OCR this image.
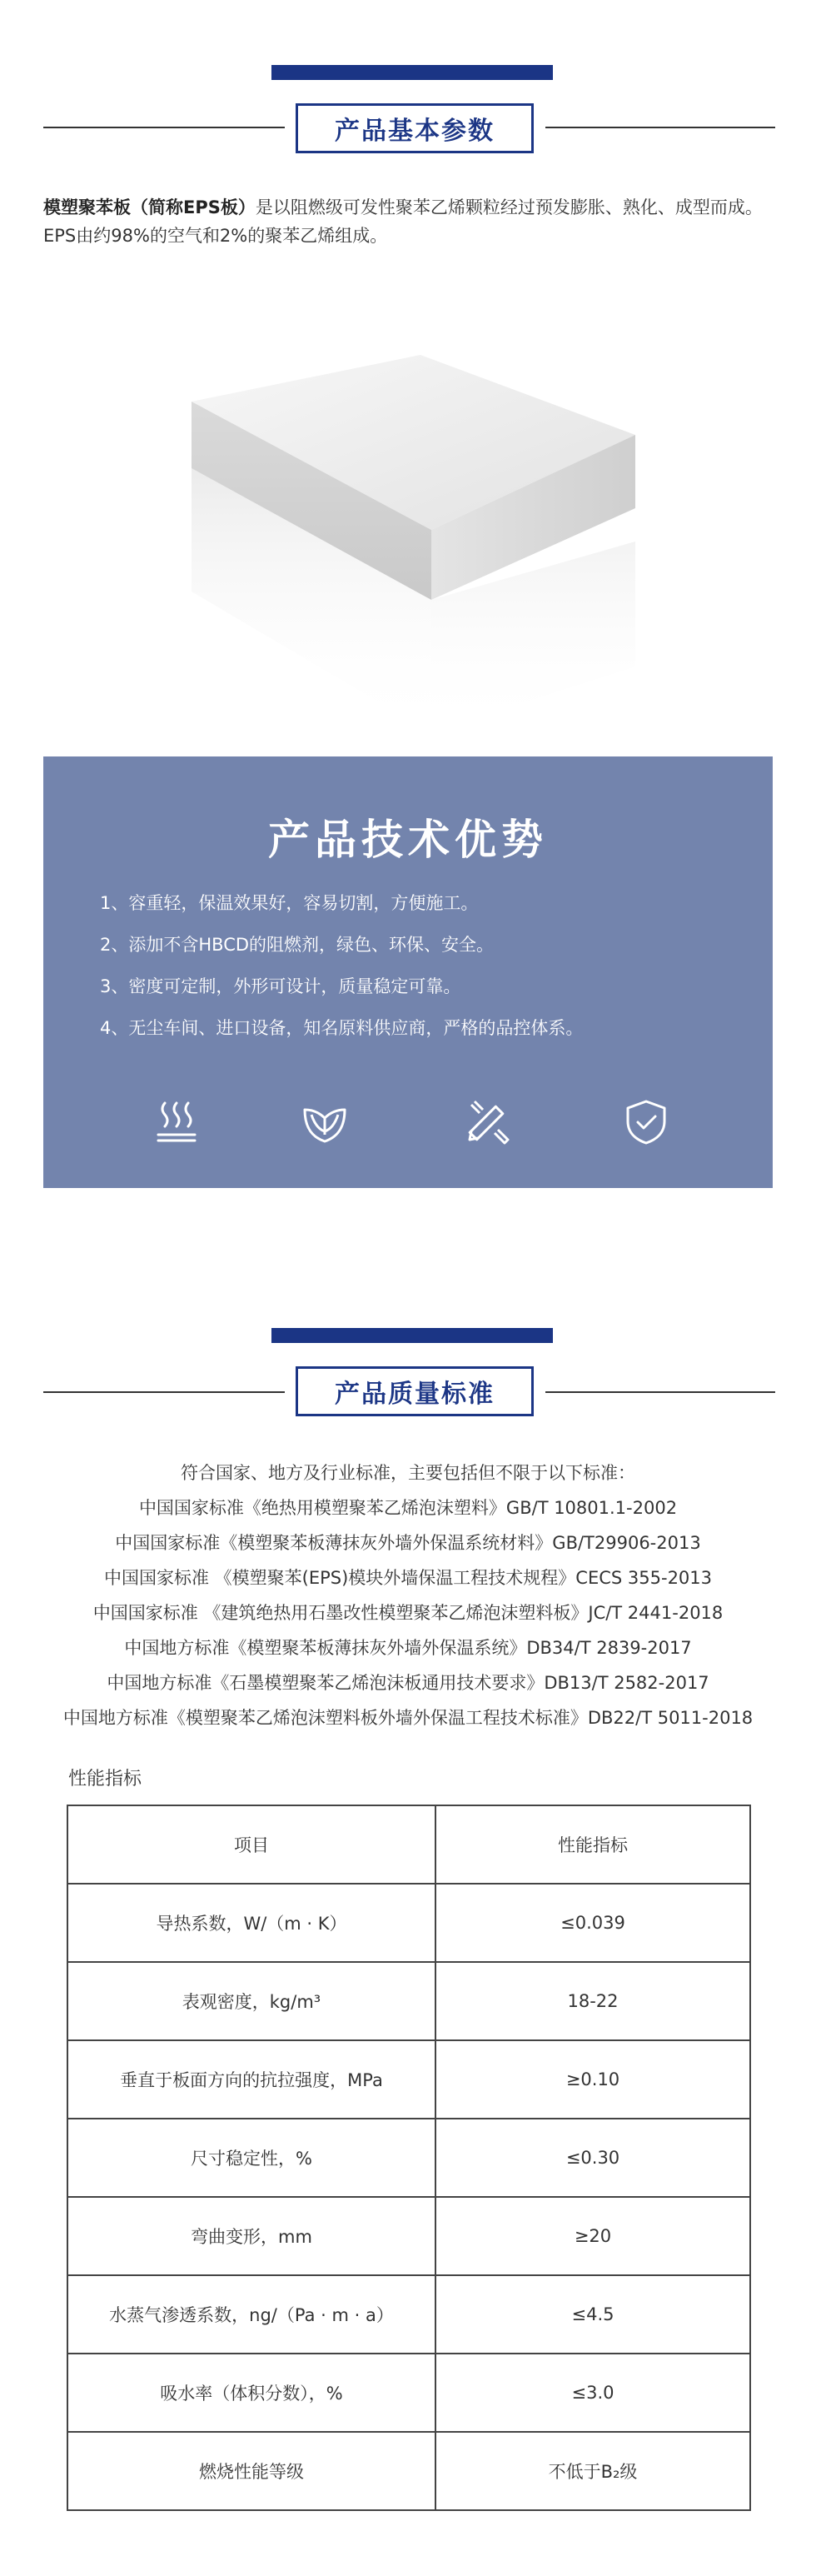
产品基本参数
模塑聚苯板（简称EPS板）是以阻燃级可发性聚苯乙烯颗粒经过预发膨胀、熟化、成型而成。EPS由约98%的空气和2%的聚苯乙烯组成。
产品技术优势
1、容重轻，保温效果好，容易切割，方便施工。
2、添加不含HBCD的阻燃剂，绿色、环保、安全。
3、密度可定制，外形可设计，质量稳定可靠。
4、无尘车间、进口设备，知名原料供应商，严格的品控体系。
产品质量标准
符合国家、地方及行业标准，主要包括但不限于以下标准：
中国国家标准《绝热用模塑聚苯乙烯泡沫塑料》GB/T 10801.1-2002
中国国家标准《模塑聚苯板薄抹灰外墙外保温系统材料》GB/T29906-2013
中国国家标准 《模塑聚苯(EPS)模块外墙保温工程技术规程》CECS 355-2013
中国国家标准 《建筑绝热用石墨改性模塑聚苯乙烯泡沫塑料板》JC/T 2441-2018
中国地方标准《模塑聚苯板薄抹灰外墙外保温系统》DB34/T 2839-2017
中国地方标准《石墨模塑聚苯乙烯泡沫板通用技术要求》DB13/T 2582-2017
中国地方标准《模塑聚苯乙烯泡沫塑料板外墙外保温工程技术标准》DB22/T 5011-2018
性能指标
项目	性能指标
导热系数，W/（m · K）	≤0.039
表观密度，kg/m³	18-22
垂直于板面方向的抗拉强度，MPa	≥0.10
尺寸稳定性，%	≤0.30
弯曲变形，mm	≥20
水蒸气渗透系数，ng/（Pa · m · a）	≤4.5
吸水率（体积分数），%	≤3.0
燃烧性能等级	不低于B₂级
